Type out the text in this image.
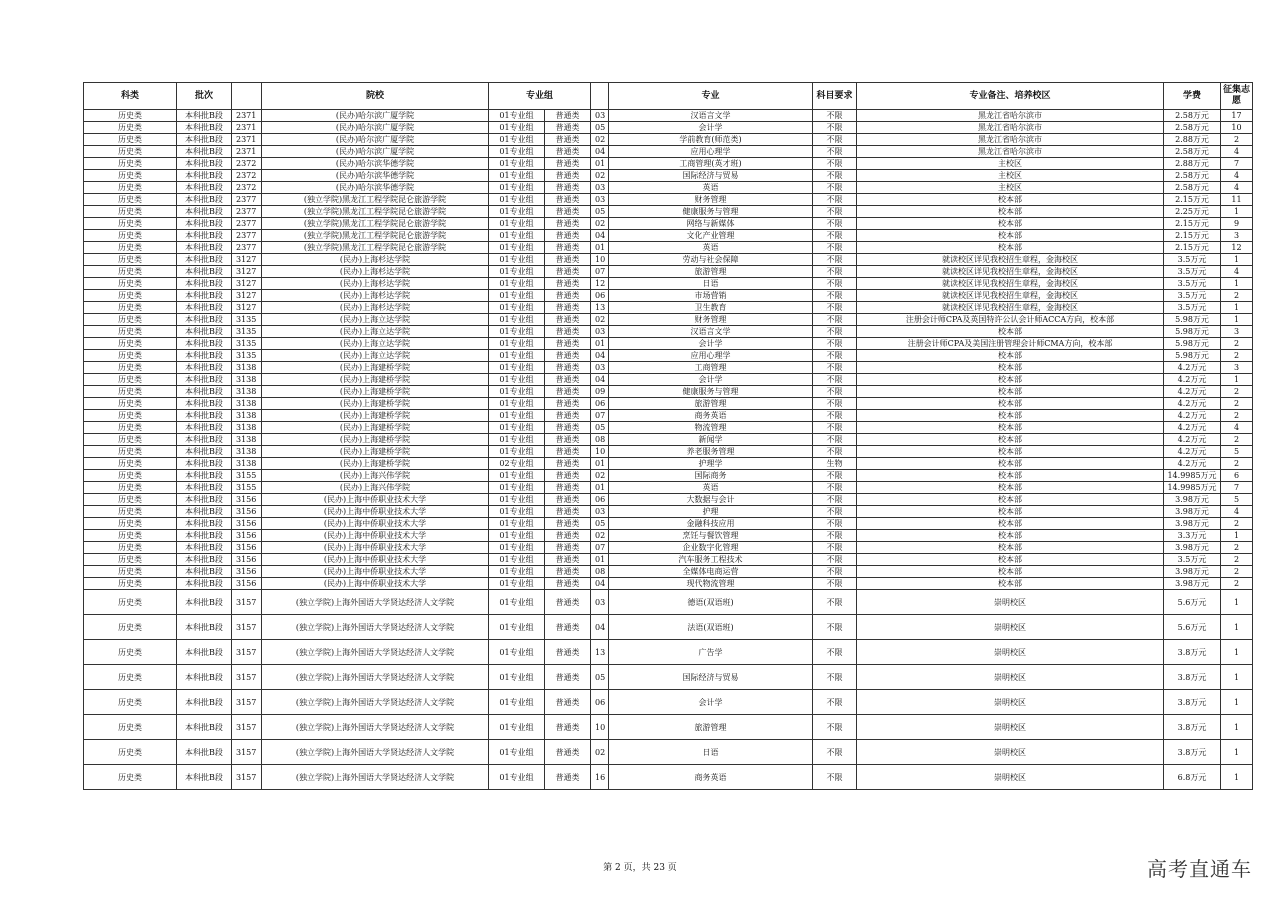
科类	批次		院校	专业组			专业	科目要求	专业备注、培养校区	学费	征集志愿
历史类	本科批B段	2371	(民办)哈尔滨广厦学院	01专业组	普通类	03	汉语言文学	不限	黑龙江省哈尔滨市	2.58万元	17
历史类	本科批B段	2371	(民办)哈尔滨广厦学院	01专业组	普通类	05	会计学	不限	黑龙江省哈尔滨市	2.58万元	10
历史类	本科批B段	2371	(民办)哈尔滨广厦学院	01专业组	普通类	02	学前教育(师范类)	不限	黑龙江省哈尔滨市	2.88万元	2
历史类	本科批B段	2371	(民办)哈尔滨广厦学院	01专业组	普通类	04	应用心理学	不限	黑龙江省哈尔滨市	2.58万元	4
历史类	本科批B段	2372	(民办)哈尔滨华德学院	01专业组	普通类	01	工商管理(英才班)	不限	主校区	2.88万元	7
历史类	本科批B段	2372	(民办)哈尔滨华德学院	01专业组	普通类	02	国际经济与贸易	不限	主校区	2.58万元	4
历史类	本科批B段	2372	(民办)哈尔滨华德学院	01专业组	普通类	03	英语	不限	主校区	2.58万元	4
历史类	本科批B段	2377	(独立学院)黑龙江工程学院昆仑旅游学院	01专业组	普通类	03	财务管理	不限	校本部	2.15万元	11
历史类	本科批B段	2377	(独立学院)黑龙江工程学院昆仑旅游学院	01专业组	普通类	05	健康服务与管理	不限	校本部	2.25万元	1
历史类	本科批B段	2377	(独立学院)黑龙江工程学院昆仑旅游学院	01专业组	普通类	02	网络与新媒体	不限	校本部	2.15万元	9
历史类	本科批B段	2377	(独立学院)黑龙江工程学院昆仑旅游学院	01专业组	普通类	04	文化产业管理	不限	校本部	2.15万元	3
历史类	本科批B段	2377	(独立学院)黑龙江工程学院昆仑旅游学院	01专业组	普通类	01	英语	不限	校本部	2.15万元	12
历史类	本科批B段	3127	(民办)上海杉达学院	01专业组	普通类	10	劳动与社会保障	不限	就读校区详见我校招生章程，金海校区	3.5万元	1
历史类	本科批B段	3127	(民办)上海杉达学院	01专业组	普通类	07	旅游管理	不限	就读校区详见我校招生章程，金海校区	3.5万元	4
历史类	本科批B段	3127	(民办)上海杉达学院	01专业组	普通类	12	日语	不限	就读校区详见我校招生章程，金海校区	3.5万元	1
历史类	本科批B段	3127	(民办)上海杉达学院	01专业组	普通类	06	市场营销	不限	就读校区详见我校招生章程，金海校区	3.5万元	2
历史类	本科批B段	3127	(民办)上海杉达学院	01专业组	普通类	13	卫生教育	不限	就读校区详见我校招生章程，金海校区	3.5万元	1
历史类	本科批B段	3135	(民办)上海立达学院	01专业组	普通类	02	财务管理	不限	注册会计师CPA及英国特许公认会计师ACCA方向，校本部	5.98万元	1
历史类	本科批B段	3135	(民办)上海立达学院	01专业组	普通类	03	汉语言文学	不限	校本部	5.98万元	3
历史类	本科批B段	3135	(民办)上海立达学院	01专业组	普通类	01	会计学	不限	注册会计师CPA及美国注册管理会计师CMA方向，校本部	5.98万元	2
历史类	本科批B段	3135	(民办)上海立达学院	01专业组	普通类	04	应用心理学	不限	校本部	5.98万元	2
历史类	本科批B段	3138	(民办)上海建桥学院	01专业组	普通类	03	工商管理	不限	校本部	4.2万元	3
历史类	本科批B段	3138	(民办)上海建桥学院	01专业组	普通类	04	会计学	不限	校本部	4.2万元	1
历史类	本科批B段	3138	(民办)上海建桥学院	01专业组	普通类	09	健康服务与管理	不限	校本部	4.2万元	2
历史类	本科批B段	3138	(民办)上海建桥学院	01专业组	普通类	06	旅游管理	不限	校本部	4.2万元	2
历史类	本科批B段	3138	(民办)上海建桥学院	01专业组	普通类	07	商务英语	不限	校本部	4.2万元	2
历史类	本科批B段	3138	(民办)上海建桥学院	01专业组	普通类	05	物流管理	不限	校本部	4.2万元	4
历史类	本科批B段	3138	(民办)上海建桥学院	01专业组	普通类	08	新闻学	不限	校本部	4.2万元	2
历史类	本科批B段	3138	(民办)上海建桥学院	01专业组	普通类	10	养老服务管理	不限	校本部	4.2万元	5
历史类	本科批B段	3138	(民办)上海建桥学院	02专业组	普通类	01	护理学	生物	校本部	4.2万元	2
历史类	本科批B段	3155	(民办)上海兴伟学院	01专业组	普通类	02	国际商务	不限	校本部	14.9985万元	6
历史类	本科批B段	3155	(民办)上海兴伟学院	01专业组	普通类	01	英语	不限	校本部	14.9985万元	7
历史类	本科批B段	3156	(民办)上海中侨职业技术大学	01专业组	普通类	06	大数据与会计	不限	校本部	3.98万元	5
历史类	本科批B段	3156	(民办)上海中侨职业技术大学	01专业组	普通类	03	护理	不限	校本部	3.98万元	4
历史类	本科批B段	3156	(民办)上海中侨职业技术大学	01专业组	普通类	05	金融科技应用	不限	校本部	3.98万元	2
历史类	本科批B段	3156	(民办)上海中侨职业技术大学	01专业组	普通类	02	烹饪与餐饮管理	不限	校本部	3.3万元	1
历史类	本科批B段	3156	(民办)上海中侨职业技术大学	01专业组	普通类	07	企业数字化管理	不限	校本部	3.98万元	2
历史类	本科批B段	3156	(民办)上海中侨职业技术大学	01专业组	普通类	01	汽车服务工程技术	不限	校本部	3.5万元	2
历史类	本科批B段	3156	(民办)上海中侨职业技术大学	01专业组	普通类	08	全媒体电商运营	不限	校本部	3.98万元	2
历史类	本科批B段	3156	(民办)上海中侨职业技术大学	01专业组	普通类	04	现代物流管理	不限	校本部	3.98万元	2
历史类	本科批B段	3157	(独立学院)上海外国语大学贤达经济人文学院	01专业组	普通类	03	德语(双语班)	不限	崇明校区	5.6万元	1
历史类	本科批B段	3157	(独立学院)上海外国语大学贤达经济人文学院	01专业组	普通类	04	法语(双语班)	不限	崇明校区	5.6万元	1
历史类	本科批B段	3157	(独立学院)上海外国语大学贤达经济人文学院	01专业组	普通类	13	广告学	不限	崇明校区	3.8万元	1
历史类	本科批B段	3157	(独立学院)上海外国语大学贤达经济人文学院	01专业组	普通类	05	国际经济与贸易	不限	崇明校区	3.8万元	1
历史类	本科批B段	3157	(独立学院)上海外国语大学贤达经济人文学院	01专业组	普通类	06	会计学	不限	崇明校区	3.8万元	1
历史类	本科批B段	3157	(独立学院)上海外国语大学贤达经济人文学院	01专业组	普通类	10	旅游管理	不限	崇明校区	3.8万元	1
历史类	本科批B段	3157	(独立学院)上海外国语大学贤达经济人文学院	01专业组	普通类	02	日语	不限	崇明校区	3.8万元	1
历史类	本科批B段	3157	(独立学院)上海外国语大学贤达经济人文学院	01专业组	普通类	16	商务英语	不限	崇明校区	6.8万元	1
第 2 页，共 23 页	高考直通车
